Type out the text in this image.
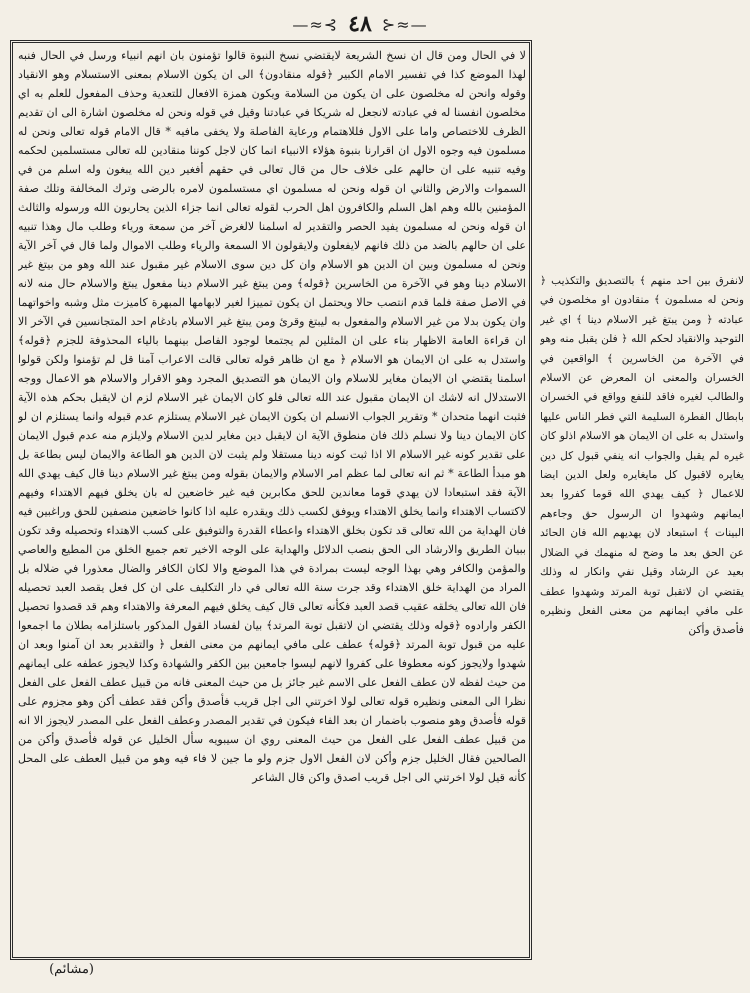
—≈⊰ ٤٨ ⊱≈—

لا في الحال ومن قال ان نسخ الشريعة لايقتضي نسخ النبوة قالوا تؤمنون بان انهم انبياء ورسل في الحال فنبه لهذا الموضع كذا في تفسير الامام الكبير ﴿قوله منقادون﴾ الى ان يكون الاسلام بمعنى الاستسلام وهو الانقياد وقوله وانحن له مخلصون على ان يكون من السلامة ويكون همزة الافعال للتعدية وحذف المفعول للعلم به اي مخلصون انفسنا له في عبادته لانجعل له شريكا في عبادتنا وقيل في قوله ونحن له مخلصون اشارة الى ان تقديم الظرف للاختصاص واما على الاول فللاهتمام ورعاية الفاصلة ولا يخفى مافيه * قال الامام قوله تعالى ونحن له مسلمون فيه وجوه الاول ان اقرارنا بنبوة هؤلاء الانبياء انما كان لاجل كوننا منقادين لله تعالى مستسلمين لحكمه وفيه تنبيه على ان حالهم على خلاف حال من قال تعالى في حقهم أفغير دين الله يبغون وله اسلم من في السموات والارض والثاني ان قوله ونحن له مسلمون اي مستسلمون لامره بالرضى وترك المخالفة وتلك صفة المؤمنين بالله وهم اهل السلم والكافرون اهل الحرب لقوله تعالى انما جزاء الذين يحاربون الله ورسوله والثالث ان قوله ونحن له مسلمون يفيد الحصر والتقدير له اسلمنا لالغرض آخر من سمعة ورياء وطلب مال وهذا تنبيه على ان حالهم بالضد من ذلك فانهم لايفعلون ولايقولون الا السمعة والرياء وطلب الاموال ولما قال في آخر الآية ونحن له مسلمون وبين ان الدين هو الاسلام وان كل دين سوى الاسلام غير مقبول عند الله وهو من بيتغ غير الاسلام دينا وهو في الآخرة من الخاسرين ﴿قوله﴾ ومن يبتغ غير الاسلام دينا مفعول يبتغ والاسلام حال منه لانه في الاصل صفة فلما قدم انتصب حالا ويحتمل ان يكون تمييزا لغير لابهامها المبهرة كاميزت مثل وشبه واخواتهما وان يكون بدلا من غير الاسلام والمفعول به ليبتغ وقرئ ومن يبتغ غير الاسلام بادغام احد المتجانسين في الآخر الا ان قراءة العامة الاظهار بناء على ان المثلين لم يجتمعا لوجود الفاصل بينهما بالياء المحذوفة للجزم ﴿قوله﴾ واستدل به على ان الايمان هو الاسلام ﴿ مع ان ظاهر قوله تعالى قالت الاعراب آمنا قل لم تؤمنوا ولكن قولوا اسلمنا يقتضي ان الايمان مغاير للاسلام وان الايمان هو التصديق المجرد وهو الاقرار والاسلام هو الاعمال ووجه الاستدلال انه لاشك ان الايمان مقبول عند الله تعالى فلو كان الايمان غير الاسلام لزم ان لايقبل بحكم هذه الآية فثبت انهما متحدان * وتقرير الجواب الانسلم ان يكون الايمان غير الاسلام يستلزم عدم قبوله وانما يستلزم ان لو كان الايمان دينا ولا نسلم ذلك فان منطوق الآية ان لايقبل دين مغاير لدين الاسلام ولايلزم منه عدم قبول الايمان على تقدير كونه غير الاسلام الا اذا ثبت كونه دينا مستقلا ولم يثبت لان الدين هو الطاعة والايمان ليس بطاعة بل هو مبدأ الطاعة * ثم انه تعالى لما عظم امر الاسلام والايمان بقوله ومن يبتغ غير الاسلام دينا قال كيف يهدي الله الآية فقد استبعادا لان يهدي قوما معاندين للحق مكابرين فيه غير خاضعين له بان يخلق فيهم الاهتداء وفيهم لاكتساب الاهتداء وانما يخلق الاهتداء ويوفق لكسب ذلك ويقدره عليه اذا كانوا خاضعين منصفين للحق وراغبين فيه فان الهداية من الله تعالى قد تكون بخلق الاهتداء واعطاء القدرة والتوفيق على كسب الاهتداء وتحصيله وقد تكون ببيان الطريق والارشاد الى الحق بنصب الدلائل والهداية على الوجه الاخير تعم جميع الخلق من المطيع والعاصي والمؤمن والكافر وهي بهذا الوجه ليست بمرادة في هذا الموضع والا لكان الكافر والضال معذورا في ضلاله بل المراد من الهداية خلق الاهتداء وقد جرت سنة الله تعالى في دار التكليف على ان كل فعل يقصد العبد تحصيله فان الله تعالى يخلقه عقيب قصد العبد فكأنه تعالى قال كيف يخلق فيهم المعرفة والاهتداء وهم قد قصدوا تحصيل الكفر وارادوه ﴿قوله وذلك يقتضي ان لاتقبل توبة المرتد﴾ بيان لفساد القول المذكور باستلزامه بطلان ما اجمعوا عليه من قبول توبة المرتد ﴿قوله﴾ عطف على مافي ايمانهم من معنى الفعل ﴿ والتقدير بعد ان آمنوا وبعد ان شهدوا ولايجوز كونه معطوفا على كفروا لانهم ليسوا جامعين بين الكفر والشهادة وكذا لايجوز عطفه على ايمانهم من حيث لفظه لان عطف الفعل على الاسم غير جائز بل من حيث المعنى فانه من قبيل عطف الفعل على الفعل نظرا الى المعنى ونظيره قوله تعالى لولا اخرتني الى اجل قريب فأصدق وأكن فقد عطف أكن وهو مجزوم على قوله فأصدق وهو منصوب باضمار ان بعد الفاء فيكون في تقدير المصدر وعطف الفعل على المصدر لايجوز الا انه من قبيل عطف الفعل على الفعل من حيث المعنى روي ان سيبويه سأل الخليل عن قوله فأصدق وأكن من الصالحين فقال الخليل جزم وأكن لان الفعل الاول جزم ولو ما جين لا فاء فيه وهو من قبيل العطف على المحل كأنه قيل لولا اخرتني الى اجل قريب اصدق واكن قال الشاعر

لانفرق بين احد منهم ﴾ بالتصديق والتكذيب ﴿ ونحن له مسلمون ﴾ منقادون او مخلصون في عبادته ﴿ ومن يبتغ غير الاسلام دينا ﴾ اي غير التوحيد والانقياد لحكم الله ﴿ فلن يقبل منه وهو في الآخرة من الخاسرين ﴾ الواقعين في الخسران والمعنى ان المعرض عن الاسلام والطالب لغيره فاقد للنفع وواقع في الخسران بابطال الفطرة السليمة التي فطر الناس عليها واستدل به على ان الايمان هو الاسلام اذلو كان غيره لم يقبل والجواب انه ينفي قبول كل دين يغايره لاقبول كل مايغايره ولعل الدين ايضا للاعمال ﴿ كيف يهدي الله قوما كفروا بعد ايمانهم وشهدوا ان الرسول حق وجاءهم البينات ﴾ استبعاد لان يهديهم الله فان الحائد عن الحق بعد ما وضح له منهمك في الضلال بعيد عن الرشاد وقيل نفي وانكار له وذلك يقتضي ان لاتقبل توبة المرتد وشهدوا عطف على مافي ايمانهم من معنى الفعل ونظيره فأصدق وأكن

(مشائم)
